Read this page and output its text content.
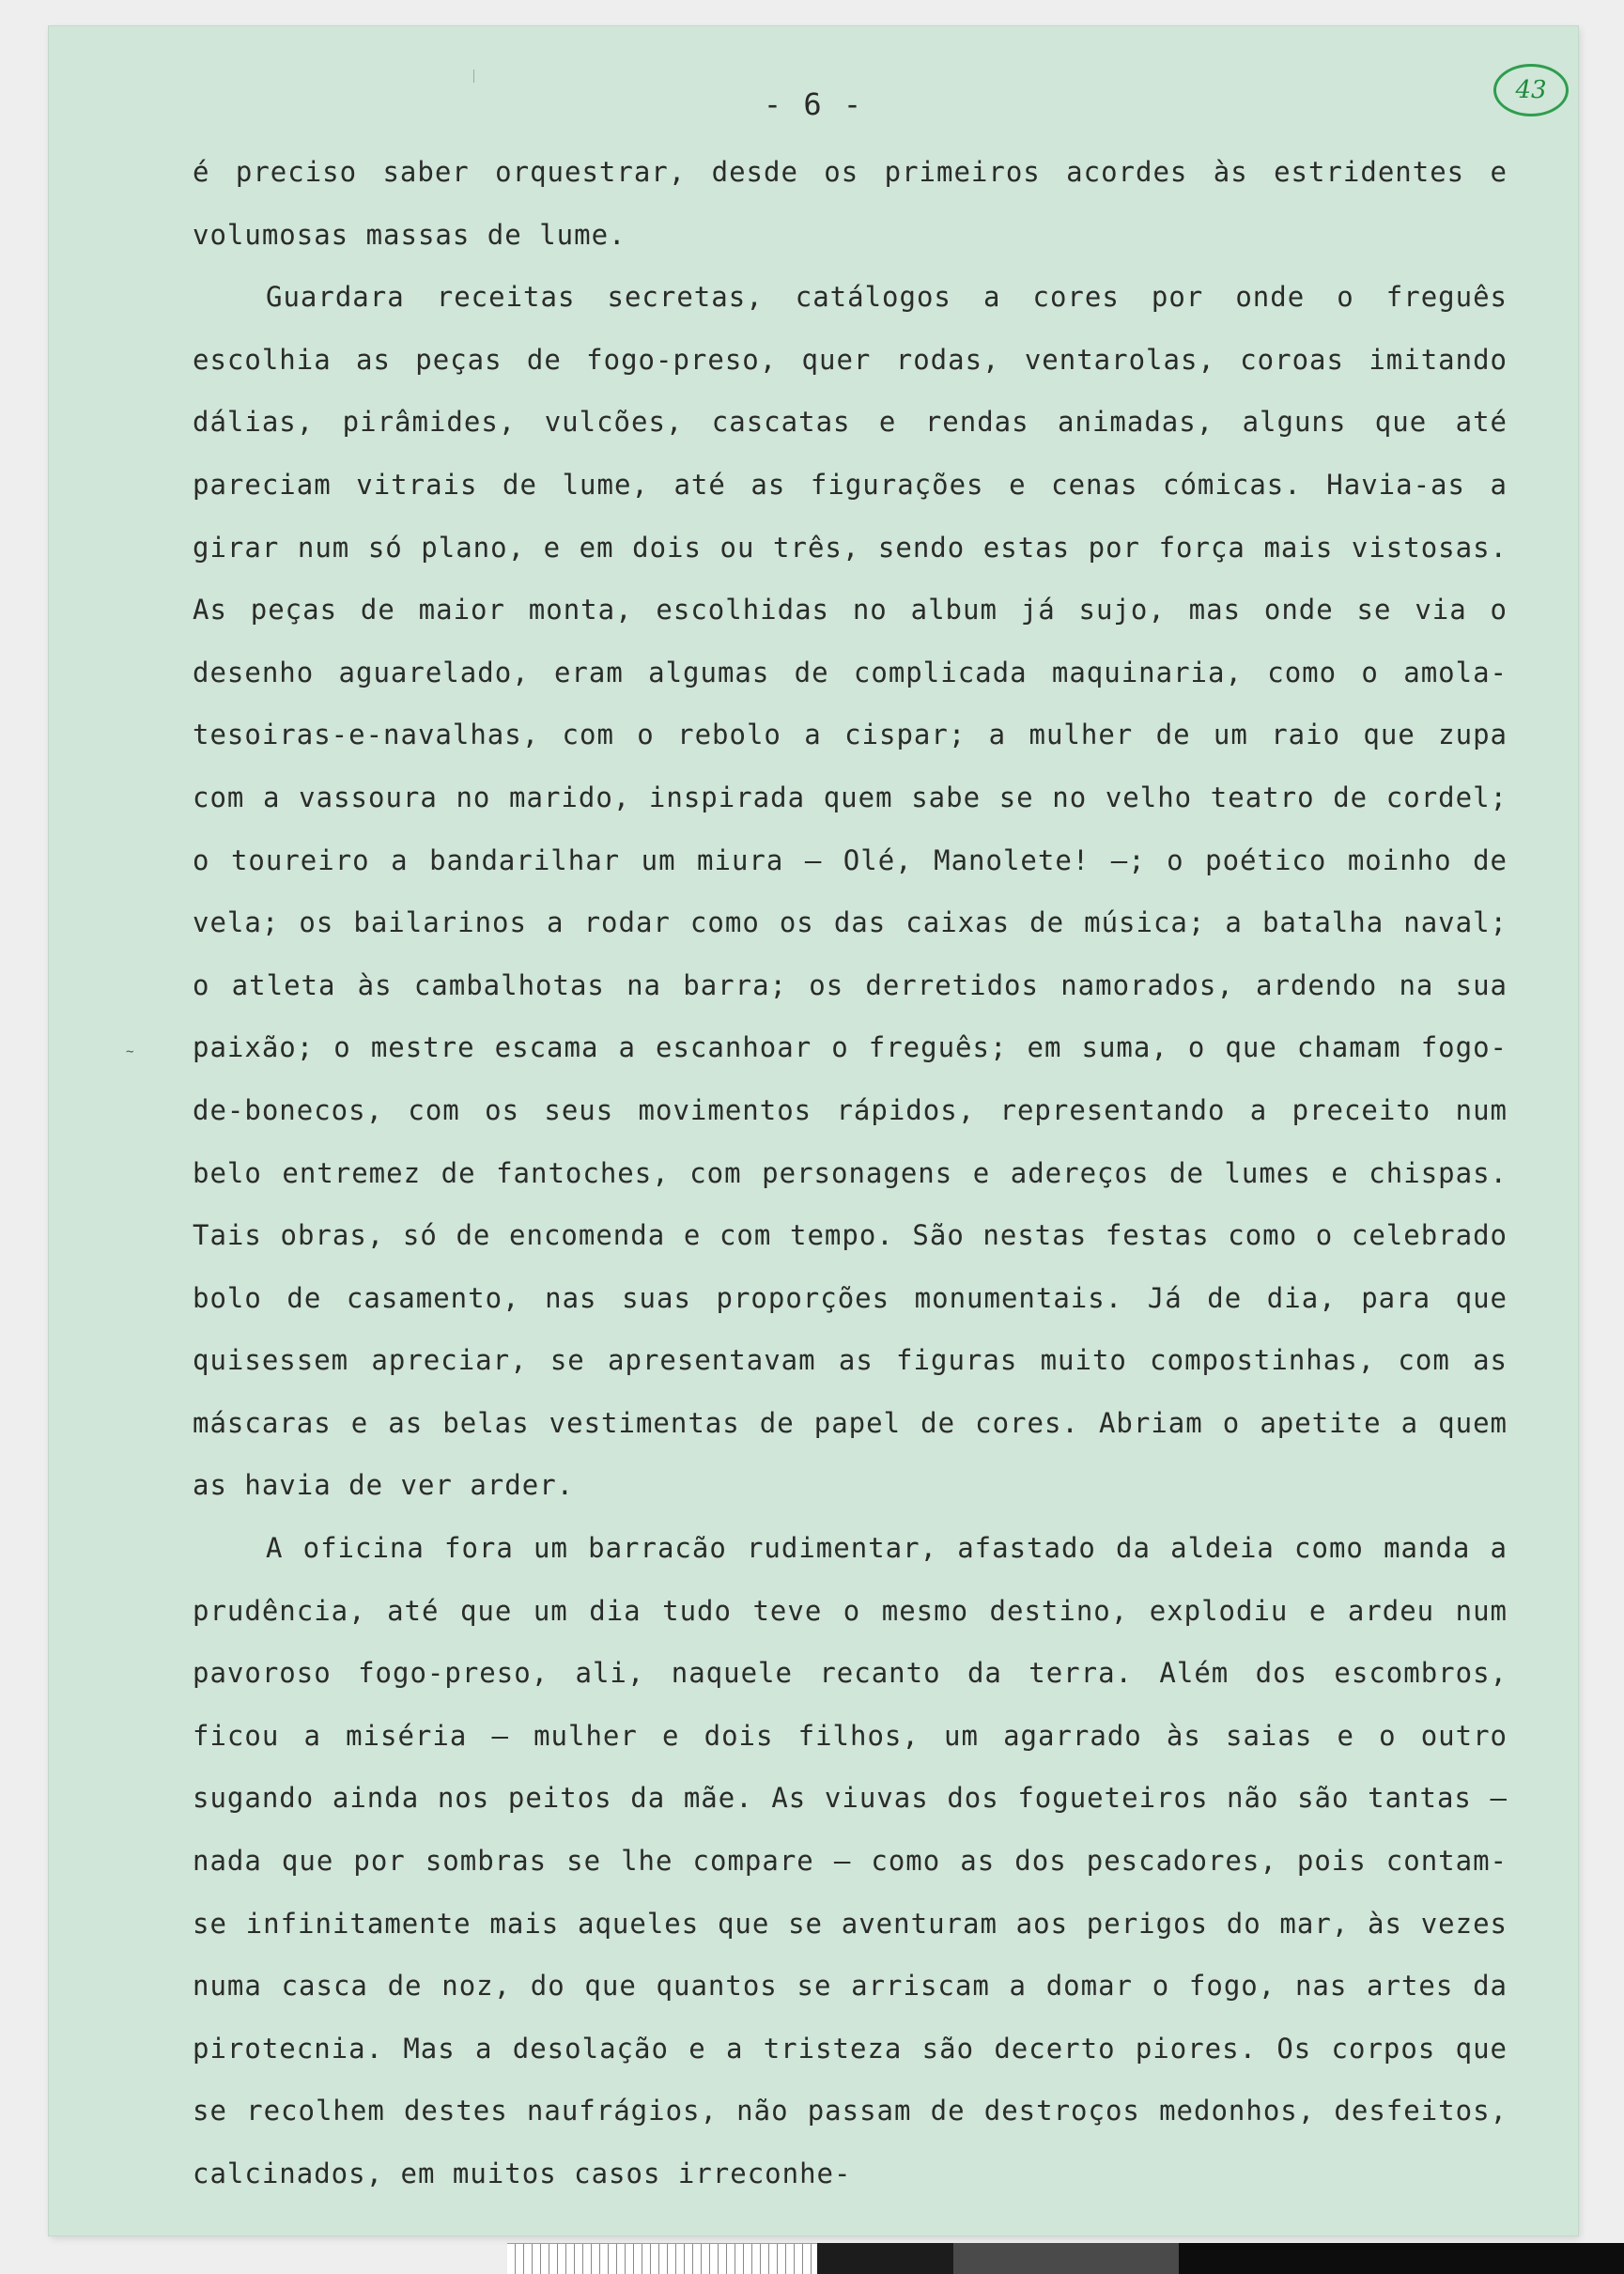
- 6 -	43
~

é preciso saber orquestrar, desde os primeiros acordes às estridentes e volumosas massas de lume.

Guardara receitas secretas, catálogos a cores por onde o freguês escolhia as peças de fogo-preso, quer rodas, ventarolas, coroas imitando dálias, pirâmides, vulcões, cascatas e rendas animadas, alguns que até pareciam vitrais de lume, até as figurações e cenas cómicas. Havia-as a girar num só plano, e em dois ou três, sendo estas por força mais vistosas. As peças de maior monta, escolhidas no album já sujo, mas onde se via o desenho aguarelado, eram algumas de complicada maquinaria, como o amola-tesoiras-e-navalhas, com o rebolo a cispar; a mulher de um raio que zupa com a vassoura no marido, inspirada quem sabe se no velho teatro de cordel; o toureiro a bandarilhar um miura — Olé, Manolete! —; o poético moinho de vela; os bailarinos a rodar como os das caixas de música; a batalha naval; o atleta às cambalhotas na barra; os derretidos namorados, ardendo na sua paixão; o mestre escama a escanhoar o freguês; em suma, o que chamam fogo-de-bonecos, com os seus movimentos rápidos, representando a preceito num belo entremez de fantoches, com personagens e adereços de lumes e chispas. Tais obras, só de encomenda e com tempo. São nestas festas como o celebrado bolo de casamento, nas suas proporções monumentais. Já de dia, para que quisessem apreciar, se apresentavam as figuras muito compostinhas, com as máscaras e as belas vestimentas de papel de cores. Abriam o apetite a quem as havia de ver arder.

A oficina fora um barracão rudimentar, afastado da aldeia como manda a prudência, até que um dia tudo teve o mesmo destino, explodiu e ardeu num pavoroso fogo-preso, ali, naquele recanto da terra. Além dos escombros, ficou a miséria — mulher e dois filhos, um agarrado às saias e o outro sugando ainda nos peitos da mãe. As viuvas dos fogueteiros não são tantas — nada que por sombras se lhe compare — como as dos pescadores, pois contam-se infinitamente mais aqueles que se aventuram aos perigos do mar, às vezes numa casca de noz, do que quantos se arriscam a domar o fogo, nas artes da pirotecnia. Mas a desolação e a tristeza são decerto piores. Os corpos que se recolhem destes naufrágios, não passam de destroços medonhos, desfeitos, calcinados, em muitos casos irreconhe-
